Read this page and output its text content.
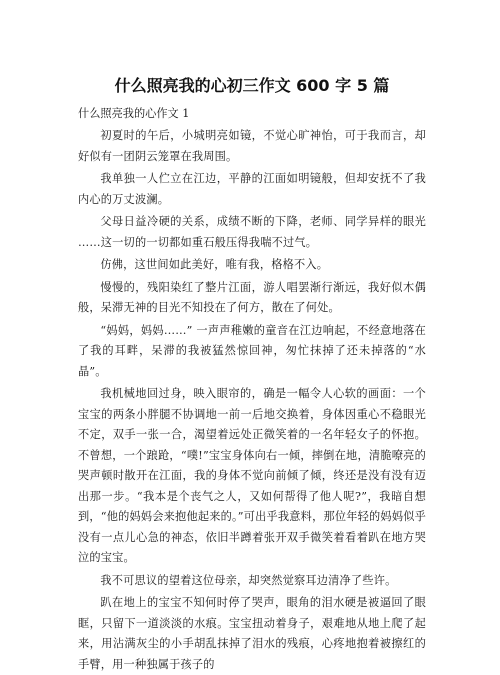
什么照亮我的心初三作文 600 字 5 篇
什么照亮我的心作文 1

初夏时的午后，小城明亮如镜，不觉心旷神怡，可于我而言，却好似有一团阴云笼罩在我周围。

我单独一人伫立在江边，平静的江面如明镜般，但却安抚不了我内心的万丈波澜。

父母日益冷硬的关系，成绩不断的下降，老师、同学异样的眼光 ……这一切的一切都如重石般压得我喘不过气。

仿佛，这世间如此美好，唯有我，格格不入。

慢慢的，残阳染红了整片江面，游人唱罢渐行渐远，我好似木偶般，呆滞无神的目光不知投在了何方，散在了何处。

“妈妈，妈妈……” 一声声稚嫩的童音在江边响起，不经意地落在了我的耳畔，呆滞的我被猛然惊回神，匆忙抹掉了还未掉落的“水晶”。

我机械地回过身，映入眼帘的，确是一幅令人心软的画面：一个宝宝的两条小胖腿不协调地一前一后地交换着，身体因重心不稳眼光不定，双手一张一合，渴望着远处正微笑着的一名年轻女子的怀抱。不曾想，一个踉跄，“噗!”宝宝身体向右一倾，摔倒在地，清脆嘹亮的哭声顿时散开在江面，我的身体不觉向前倾了倾，终还是没有没有迈出那一步。“我本是个丧气之人，又如何帮得了他人呢?”，我暗自想到，“他的妈妈会来抱他起来的。”可出乎我意料，那位年轻的妈妈似乎没有一点儿心急的神态，依旧半蹲着张开双手微笑着看着趴在地方哭泣的宝宝。

我不可思议的望着这位母亲，却突然觉察耳边清净了些许。

趴在地上的宝宝不知何时停了哭声，眼角的泪水硬是被逼回了眼眶，只留下一道淡淡的水痕。宝宝扭动着身子，艰难地从地上爬了起来，用沾满灰尘的小手胡乱抹掉了泪水的残痕，心疼地抱着被擦红的手臂，用一种独属于孩子的
